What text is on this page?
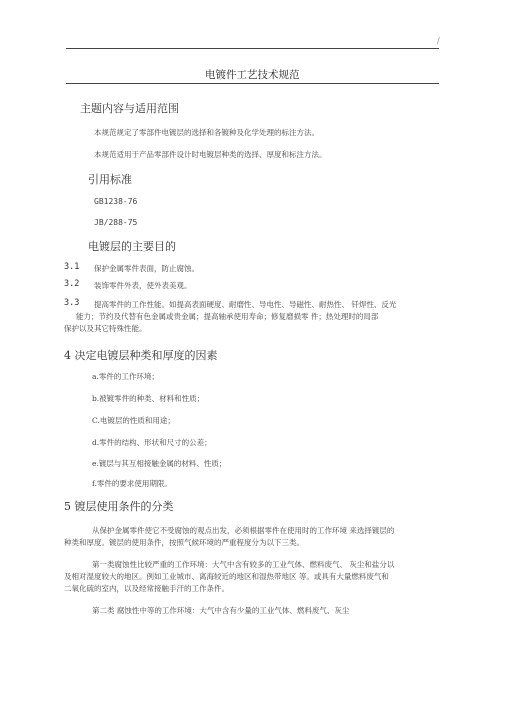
/
电镀件工艺技术规范
主题内容与适用范围
本规范规定了零部件电镀层的选择和各镀种及化学处理的标注方法。
本规范适用于产品零部件设计时电镀层种类的选择、厚度和标注方法。
引用标准
GB1238-76
JB/288-75
电镀层的主要目的
3.1 保护金属零件表面，防止腐蚀。
3.2 装饰零件外表，使外表美观。
3.3 提高零件的工作性能。如提高表面硬度、耐磨性、导电性、导磁性、耐热性、 钎焊性、反光
能力；节约及代替有色金属或贵金属；提高轴承使用寿命；修复磨损零 件；热处理时的局部
保护以及其它特殊性能。
4 决定电镀层种类和厚度的因素
a.零件的工作环境；
b.被镀零件的种类、材料和性质；
C.电镀层的性质和用途；
d.零件的结构、形状和尺寸的公差；
e.镀层与其互相接触金属的材料、性质；
f.零件的要求使用期限。
5 镀层使用条件的分类
从保护金属零件使它不受腐蚀的观点出发，必须根据零件在使用时的工作环境 来选择镀层的
种类和厚度。镀层的使用条件，按照气候环境的严重程度分为以下三类。
第一类腐蚀性比较严重的工作环境：大气中含有较多的工业气体、燃料废气、 灰尘和盐分以
及相对湿度较大的地区。例如工业城市、离海较近的地区和湿热带地区 等。或具有大量燃料废气和
二氧化硫的室内，以及经常接触手汗的工作条件。
第二类 腐蚀性中等的工作环境：大气中含有少量的工业气体、燃料废气、灰尘
